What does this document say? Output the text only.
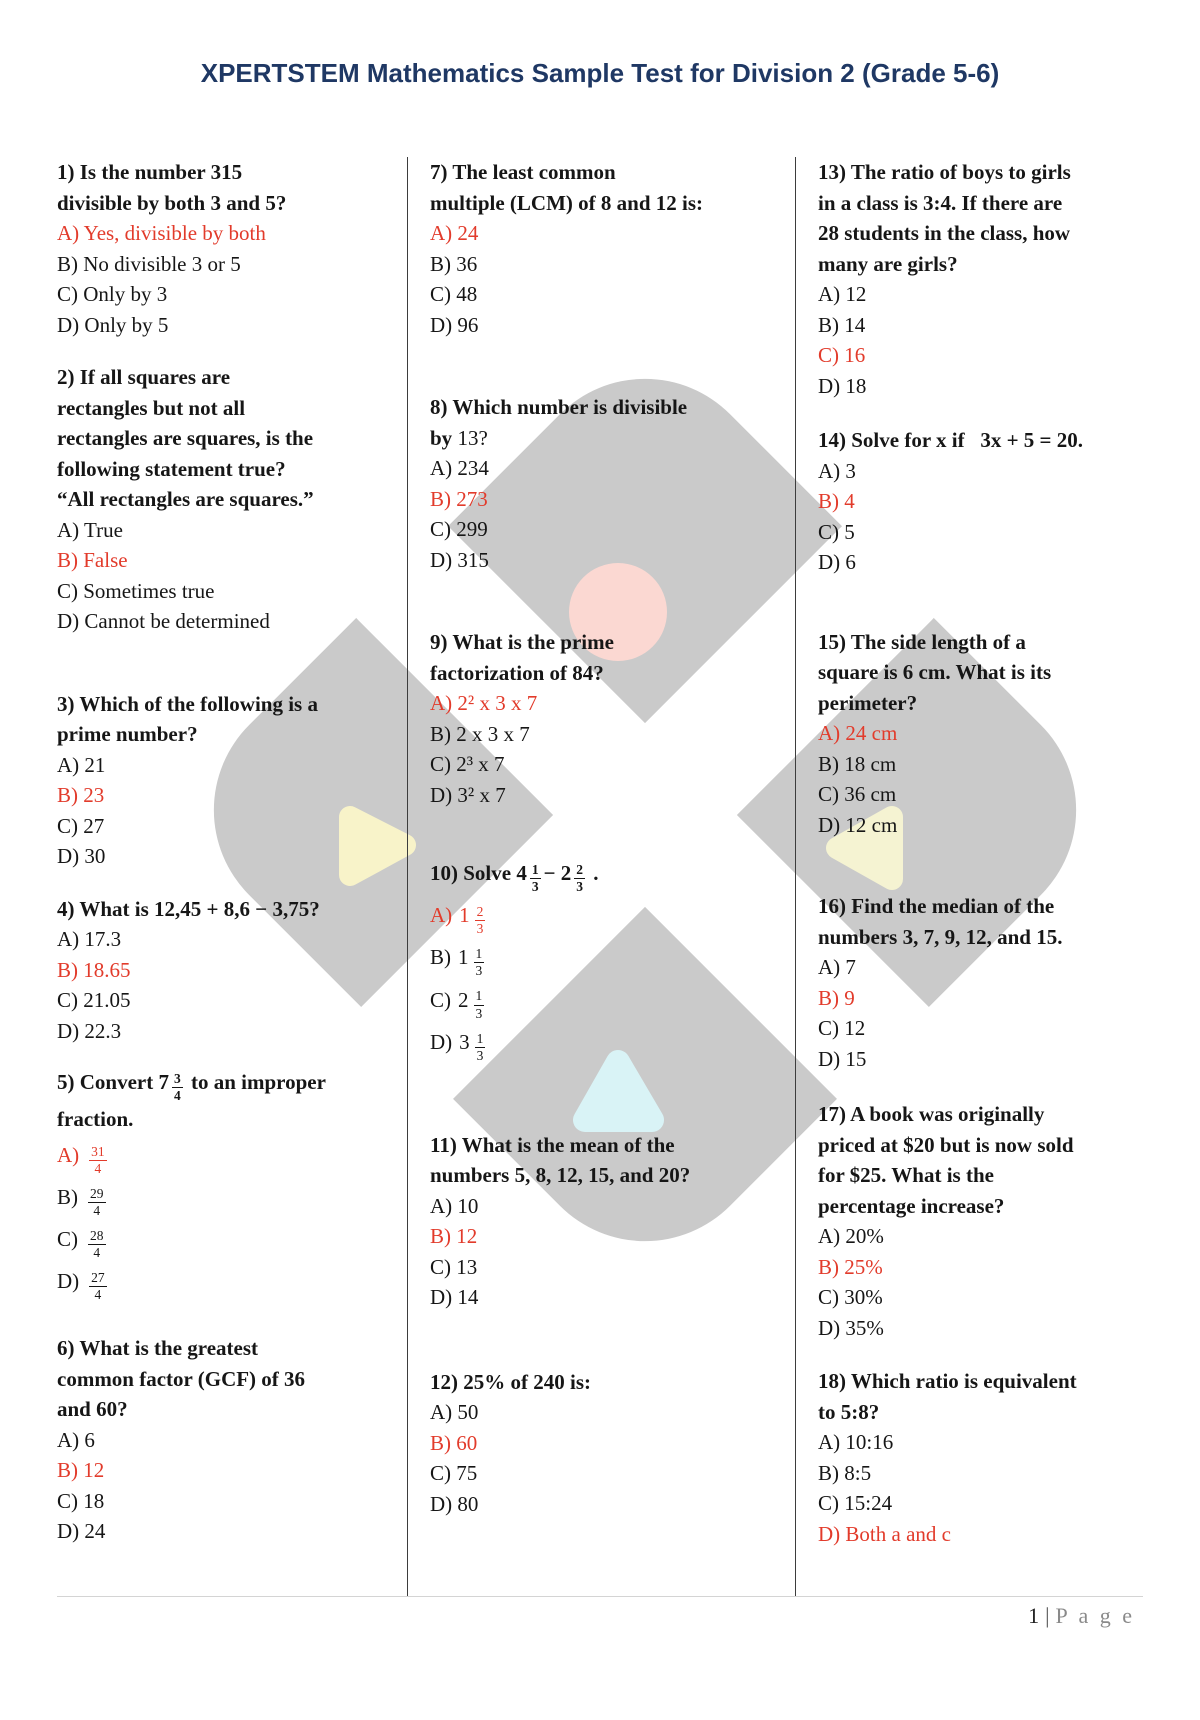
XPERTSTEM Mathematics Sample Test for Division 2 (Grade 5-6)
1) Is the number 315
divisible by both 3 and 5?
A) Yes, divisible by both
B) No divisible 3 or 5
C) Only by 3
D) Only by 5
2) If all squares are
rectangles but not all
rectangles are squares, is the
following statement true?
“All rectangles are squares.”
A) True
B) False
C) Sometimes true
D) Cannot be determined
3) Which of the following is a
prime number?
A) 21
B) 23
C) 27
D) 30
4) What is 12,45 + 8,6 − 3,75?
A) 17.3
B) 18.65
C) 21.05
D) 22.3
5) Convert $7 \frac{3}{4}$ to an improper
fraction.
$A) \frac{31}{4}$
$B) \frac{29}{4}$
$C) \frac{28}{4}$
$D) \frac{27}{4}$
6) What is the greatest
common factor (GCF) of 36
and 60?
A) 6
B) 12
C) 18
D) 24
7) The least common
multiple (LCM) of 8 and 12 is:
A) 24
B) 36
C) 48
D) 96
8) Which number is divisible
by 13?
A) 234
B) 273
C) 299
D) 315
9) What is the prime
factorization of 84?
A) 2² x 3 x 7
B) 2 x 3 x 7
C) 2³ x 7
D) 3² x 7
10) Solve $4 \frac{1}{3} - 2 \frac{2}{3}$ .
A) $1 \frac{2}{3}$
B) $1 \frac{1}{3}$
C) $2 \frac{1}{3}$
D) $3 \frac{1}{3}$
11) What is the mean of the
numbers 5, 8, 12, 15, and 20?
A) 10
B) 12
C) 13
D) 14
12) 25% of 240 is:
A) 50
B) 60
C) 75
D) 80
13) The ratio of boys to girls
in a class is 3:4. If there are
28 students in the class, how
many are girls?
A) 12
B) 14
C) 16
D) 18
14) Solve for x if   3x + 5 = 20.
A) 3
B) 4
C) 5
D) 6
15) The side length of a
square is 6 cm. What is its
perimeter?
A) 24 cm
B) 18 cm
C) 36 cm
D) 12 cm
16) Find the median of the
numbers 3, 7, 9, 12, and 15.
A) 7
B) 9
C) 12
D) 15
17) A book was originally
priced at $20 but is now sold
for $25. What is the
percentage increase?
A) 20%
B) 25%
C) 30%
D) 35%
18) Which ratio is equivalent
to 5:8?
A) 10:16
B) 8:5
C) 15:24
D) Both a and c
1 | P a g e
